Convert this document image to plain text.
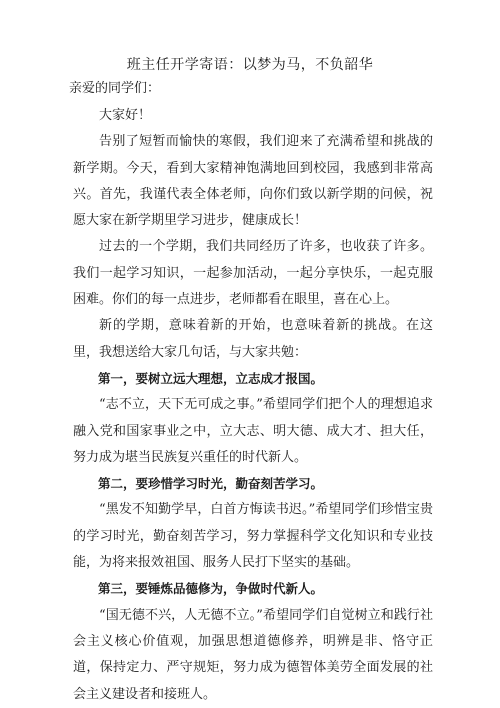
班主任开学寄语：以梦为马，不负韶华
亲爱的同学们：

大家好！

告别了短暂而愉快的寒假，我们迎来了充满希望和挑战的新学期。今天，看到大家精神饱满地回到校园，我感到非常高兴。首先，我谨代表全体老师，向你们致以新学期的问候，祝愿大家在新学期里学习进步，健康成长！

过去的一个学期，我们共同经历了许多，也收获了许多。我们一起学习知识，一起参加活动，一起分享快乐，一起克服困难。你们的每一点进步，老师都看在眼里，喜在心上。

新的学期，意味着新的开始，也意味着新的挑战。在这里，我想送给大家几句话，与大家共勉：

第一，要树立远大理想，立志成才报国。

“志不立，天下无可成之事。”希望同学们把个人的理想追求融入党和国家事业之中，立大志、明大德、成大才、担大任，努力成为堪当民族复兴重任的时代新人。

第二，要珍惜学习时光，勤奋刻苦学习。

“黑发不知勤学早，白首方悔读书迟。”希望同学们珍惜宝贵的学习时光，勤奋刻苦学习，努力掌握科学文化知识和专业技能，为将来报效祖国、服务人民打下坚实的基础。

第三，要锤炼品德修为，争做时代新人。

“国无德不兴，人无德不立。”希望同学们自觉树立和践行社会主义核心价值观，加强思想道德修养，明辨是非、恪守正道，保持定力、严守规矩，努力成为德智体美劳全面发展的社会主义建设者和接班人。
